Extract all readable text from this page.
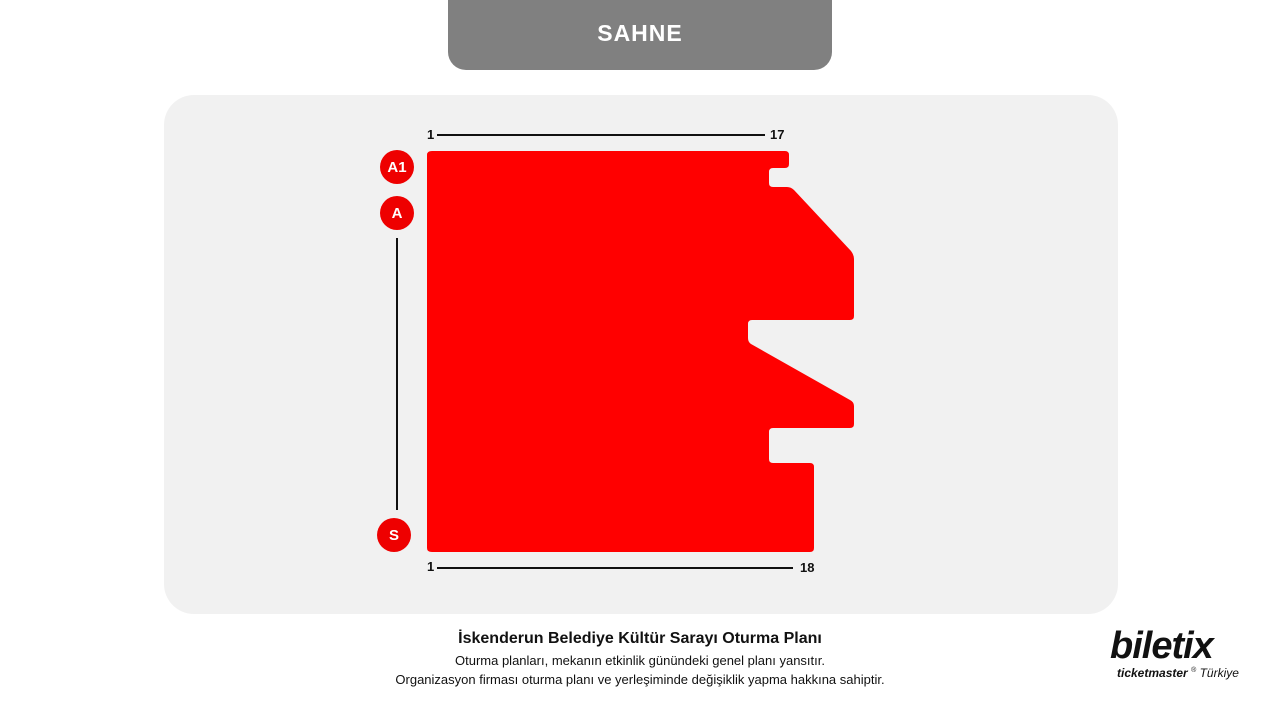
SAHNE
A1
A
S
1	17
1	18
İskenderun Belediye Kültür Sarayı Oturma Planı
Oturma planları, mekanın etkinlik günündeki genel planı yansıtır.
Organizasyon firması oturma planı ve yerleşiminde değişiklik yapma hakkına sahiptir.
biletix
ticketmaster ® Türkiye
